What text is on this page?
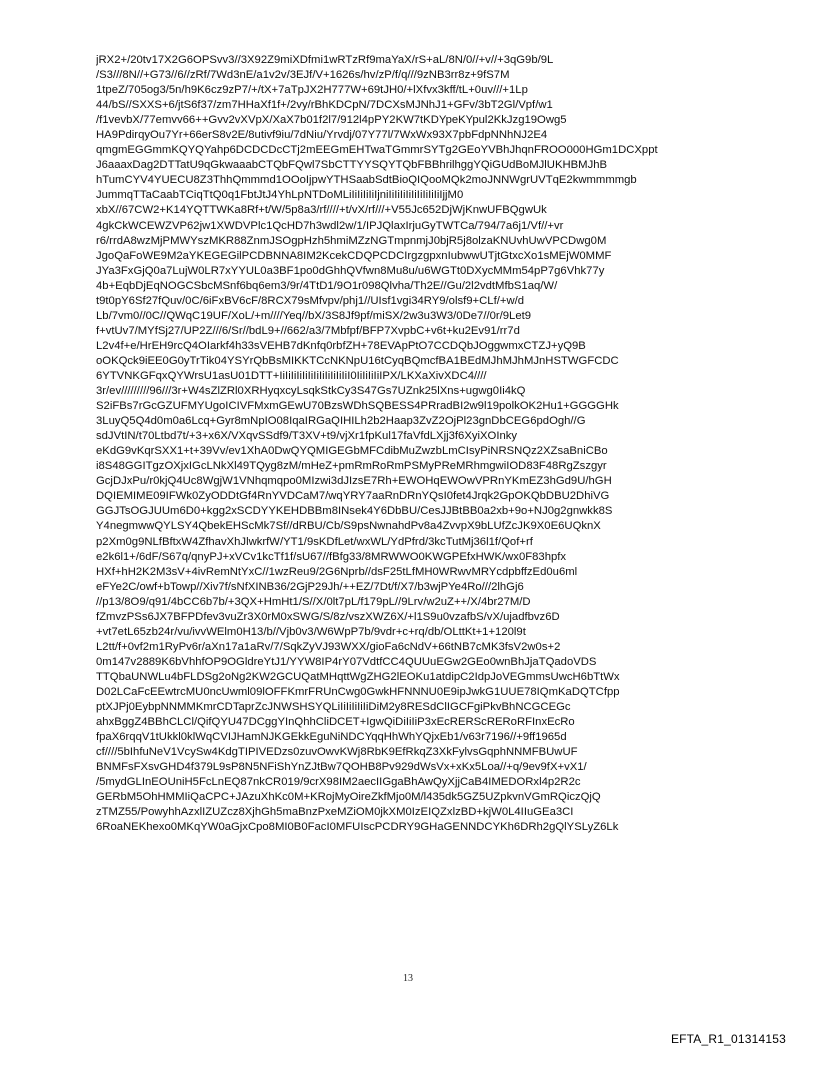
jRX2+/20tv17X2G6OPSvv3//3X92Z9miXDfmi1wRTzRf9maYaX/rS+aL/8N/0//+v//+3qG9b/9L
/S3///8N//+G73//6//zRf/7Wd3nE/a1v2v/3EJf/V+1626s/hv/zP/f/q///9zNB3rr8z+9fS7M
1tpeZ/705og3/5n/h9K6cz9zP7/+/tX+7aTpJX2H777W+69tJH0/+lXfvx3kff/tL+0uv///+1Lp
44/bS//SXXS+6/jtS6f37/zm7HHaXf1f+/2vy/rBhKDCpN/7DCXsMJNhJ1+GFv/3bT2Gl/Vpf/w1
/f1vevbX/77emvv66++Gvv2vXVpX/XaX7b01f2l7/912l4pPY2KW7tKDYpeKYpul2KkJzg19Owg5
HA9PdirqyOu7Yr+66erS8v2E/8utivf9iu/7dNiu/Yrvdj/07Y77l/7WxWx93X7pbFdpNNhNJ2E4
qmgmEGGmmKQYQYahp6DCDCDcCTj2mEEGmEHTwaTGmmrSYTg2GEoYVBhJhqnFROO000HGm1DCXppt
J6aaaxDag2DTTatU9qGkwaaabCTQbFQwl7SbCTTYYSQYTQbFBBhrilhggYQiGUdBoMJlUKHBMJhB
hTumCYV4YUECU8Z3ThhQmmmd1OOoIjpwYTHSaabSdtBioQIQooMQk2moJNNWgrUVTqE2kwmmmmgb
JummqTTaCaabTCiqTtQ0q1FbtJtJ4YhLpNTDoMLiIiIiIiIiIjniIiIiIiIiIiIiIiIiIiIjjM0
xbX//67CW2+K14YQTTWKa8Rf+t/W/5p8a3/rf////+t/vX/rf///+V55Jc652DjWjKnwUFBQgwUk
4gkCkWCEWZVP62jw1XWDVPlc1QcHD7h3wdl2w/1/IPJQlaxIrjuGyTWTCa/794/7a6j1/Vf//+vr
r6/rrdA8wzMjPMWYszMKR88ZnmJSOgpHzh5hmiMZzNGTmpnmjJ0bjR5j8olzaKNUvhUwVPCDwg0M
JgoQaFoWE9M2aYKEGEGilPCDBNNA8IM2KcekCDQPCDCIrgzgpxnIubwwUTjtGtxcXo1sMEjW0MMF
JYa3FxGjQ0a7LujW0LR7xYYUL0a3BF1po0dGhhQVfwn8Mu8u/u6WGTt0DXycMMm54pP7g6Vhk77y
4b+EqbDjEqNOGCSbcMSnf6bq6em3/9r/4TtD1/9O1r098Qlvha/Th2E//Gu/2l2vdtMfbS1aq/W/
t9t0pY6Sf27fQuv/0C/6iFxBV6cF/8RCX79sMfvpv/phj1//UIsf1vgi34RY9/olsf9+CLf/+w/d
Lb/7vm0//0C//QWqC19UF/XoL/+m////Yeq//bX/3S8Jf9pf/miSX/2w3u3W3/0De7//0r/9Let9
f+vtUv7/MYfSj27/UP2Z///6/Sr//bdL9+//662/a3/7Mbfpf/BFP7XvpbC+v6t+ku2Ev91/rr7d
L2v4f+e/HrEH9rcQ4OIarkf4h33sVEHB7dKnfq0rbfZH+78EVApPtO7CCDQbJOggwmxCTZJ+yQ9B
oOKQck9iEE0G0yTrTik04YSYrQbBsMIKKTCcNKNpU16tCyqBQmcfBA1BEdMJhMJhMJnHSTWGFCDC
6YTVNKGFqxQYWrsU1asU01DTT+IiIiIiIiIiIiIiIiIiIiIiIiI0IiIiIiIiIPX/LKXaXivXDC4////
3r/ev/////////96///3r+W4sZlZRl0XRHyqxcyLsqkStkCy3S47Gs7UZnk25lXns+ugwg0Ii4kQ
S2iFBs7rGcGZUFMYUgoICIVFMxmGEwU70BzsWDhSQBESS4PRradBI2w9l19polkOK2Hu1+GGGGHk
3LuyQ5Q4d0m0a6Lcq+Gyr8mNpIO08IqaIRGaQIHILh2b2Haap3ZvZ2OjPl23gnDbCEG6pdOgh//G
sdJVtIN/t70Ltbd7t/+3+x6X/VXqvSSdf9/T3XV+t9/vjXr1fpKul17faVfdLXjj3f6XyiXOInky
eKdG9vKqrSXX1+t+39Vv/ev1XhA0DwQYQMIGEGbMFCdibMuZwzbLmCIsyPiNRSNQz2XZsaBniCBo
i8S48GGITgzOXjxIGcLNkXl49TQyg8zM/mHeZ+pmRmRoRmPSMyPReMRhmgwiIOD83F48RgZszgyr
GcjDJxPu/r0kjQ4Uc8WgjW1VNhqmqpo0MIzwi3dJIzsE7Rh+EWOHqEWOwVPRnYKmEZ3hGd9U/hGH
DQIEMIME09IFWk0ZyODDtGf4RnYVDCaM7/wqYRY7aaRnDRnYQsI0fet4Jrqk2GpOKQbDBU2DhiVG
GGJTsOGJUUm6D0+kgg2xSCDYYKEHDBBm8INsek4Y6DbBU/CesJJBtBB0a2xb+9o+NJ0g2gnwkk8S
Y4negmwwQYLSY4QbekEHScMk7Sf//dRBU/Cb/S9psNwnahdPv8a4ZvvpX9bLUfZcJK9X0E6UQknX
p2Xm0g9NLfBftxW4ZfhavXhJlwkrfW/YT1/9sKDfLet/wxWL/YdPfrd/3kcTutMj36l1f/Qof+rf
e2k6l1+/6dF/S67q/qnyPJ+xVCv1kcTf1f/sU67//fBfg33/8MRWWO0KWGPEfxHWK/wx0F83hpfx
HXf+hH2K2M3sV+4ivRemNtYxC//1wzReu9/2G6Nprb//dsF25tLfMH0WRwvMRYcdpbffzEd0u6ml
eFYe2C/owf+bTowp//Xiv7f/sNfXINB36/2GjP29Jh/++EZ/7Dt/f/X7/b3wjPYe4Ro///2lhGj6
//p13/8O9/q91/4bCC6b7b/+3QX+HmHt1/S//X/0lt7pL/f179pL//9Lrv/w2uZ++/X/4br27M/D
fZmvzPSs6JX7BFPDfev3vuZr3X0rM0xSWG/S/8z/vszXWZ6X/+l1S9u0vzafbS/vX/ujadfbvz6D
+vt7etL65zb24r/vu/ivvWElm0H13/b//Vjb0v3/W6WpP7b/9vdr+c+rq/db/OLttKt+1+120l9t
L2tt/f+0vf2m1RyPv6r/aXn17a1aRv/7/SqkZyVJ93WXX/gioFa6cNdV+66tNB7cMK3fsV2w0s+2
0m147v2889K6bVhhfOP9OGldreYtJ1/YYW8IP4rY07VdtfCC4QUUuEGw2GEo0wnBhJjaTQadoVDS
TTQbaUNWLu4bFLDSg2oNg2KW2GCUQatMHqttWgZHG2lEOKu1atdipC2IdpJoVEGmmsUwcH6bTtWx
D02LCaFcEEwtrcMU0ncUwml09lOFFKmrFRUnCwg0GwkHFNNNU0E9ipJwkG1UUE78IQmKaDQTCfpp
ptXJPj0EybpNNMMKmrCDTaprZcJNWSHSYQLiIiIiIiIiIiDiM2y8RESdClIGCFgiPkvBhNCGCEGc
ahxBggZ4BBhCLCl/QifQYU47DCggYInQhhCliDCET+IgwQiDiIiIiP3xEcRERScRERoRFInxEcRo
fpaX6rqqV1tUkkl0klWqCVIJHamNJKGEkkEguNiNDCYqqHhWhYQjxEb1/v63r7196//+9ff1965d
cf////5bIhfuNeV1VcySw4KdgTIPIVEDzs0zuvOwvKWj8RbK9EfRkqZ3XkFylvsGqphNNMFBUwUF
BNMFsFXsvGHD4f379L9sP8N5NFiShYnZJtBw7QOHB8Pv929dWsVx+xKx5Loa//+q/9ev9fX+vX1/
/5mydGLInEOUniH5FcLnEQ87nkCR019/9crX98IM2aecIIGgaBhAwQyXjjCaB4IMEDORxl4p2R2c
GERbM5OhHMMIiQaCPC+JAzuXhKc0M+KRojMyOireZkfMjo0M/l435dk5GZ5UZpkvnVGmRQiczQjQ
zTMZ55/PowyhhAzxlIZUZcz8XjhGh5maBnzPxeMZiOM0jkXM0IzEIQZxlzBD+kjW0L4IIuGEa3CI
6RoaNEKhexo0MKqYW0aGjxCpo8MI0B0FacI0MFUIscPCDRY9GHaGENNDCYKh6DRh2gQlYSLyZ6Lk
13
EFTA_R1_01314153
